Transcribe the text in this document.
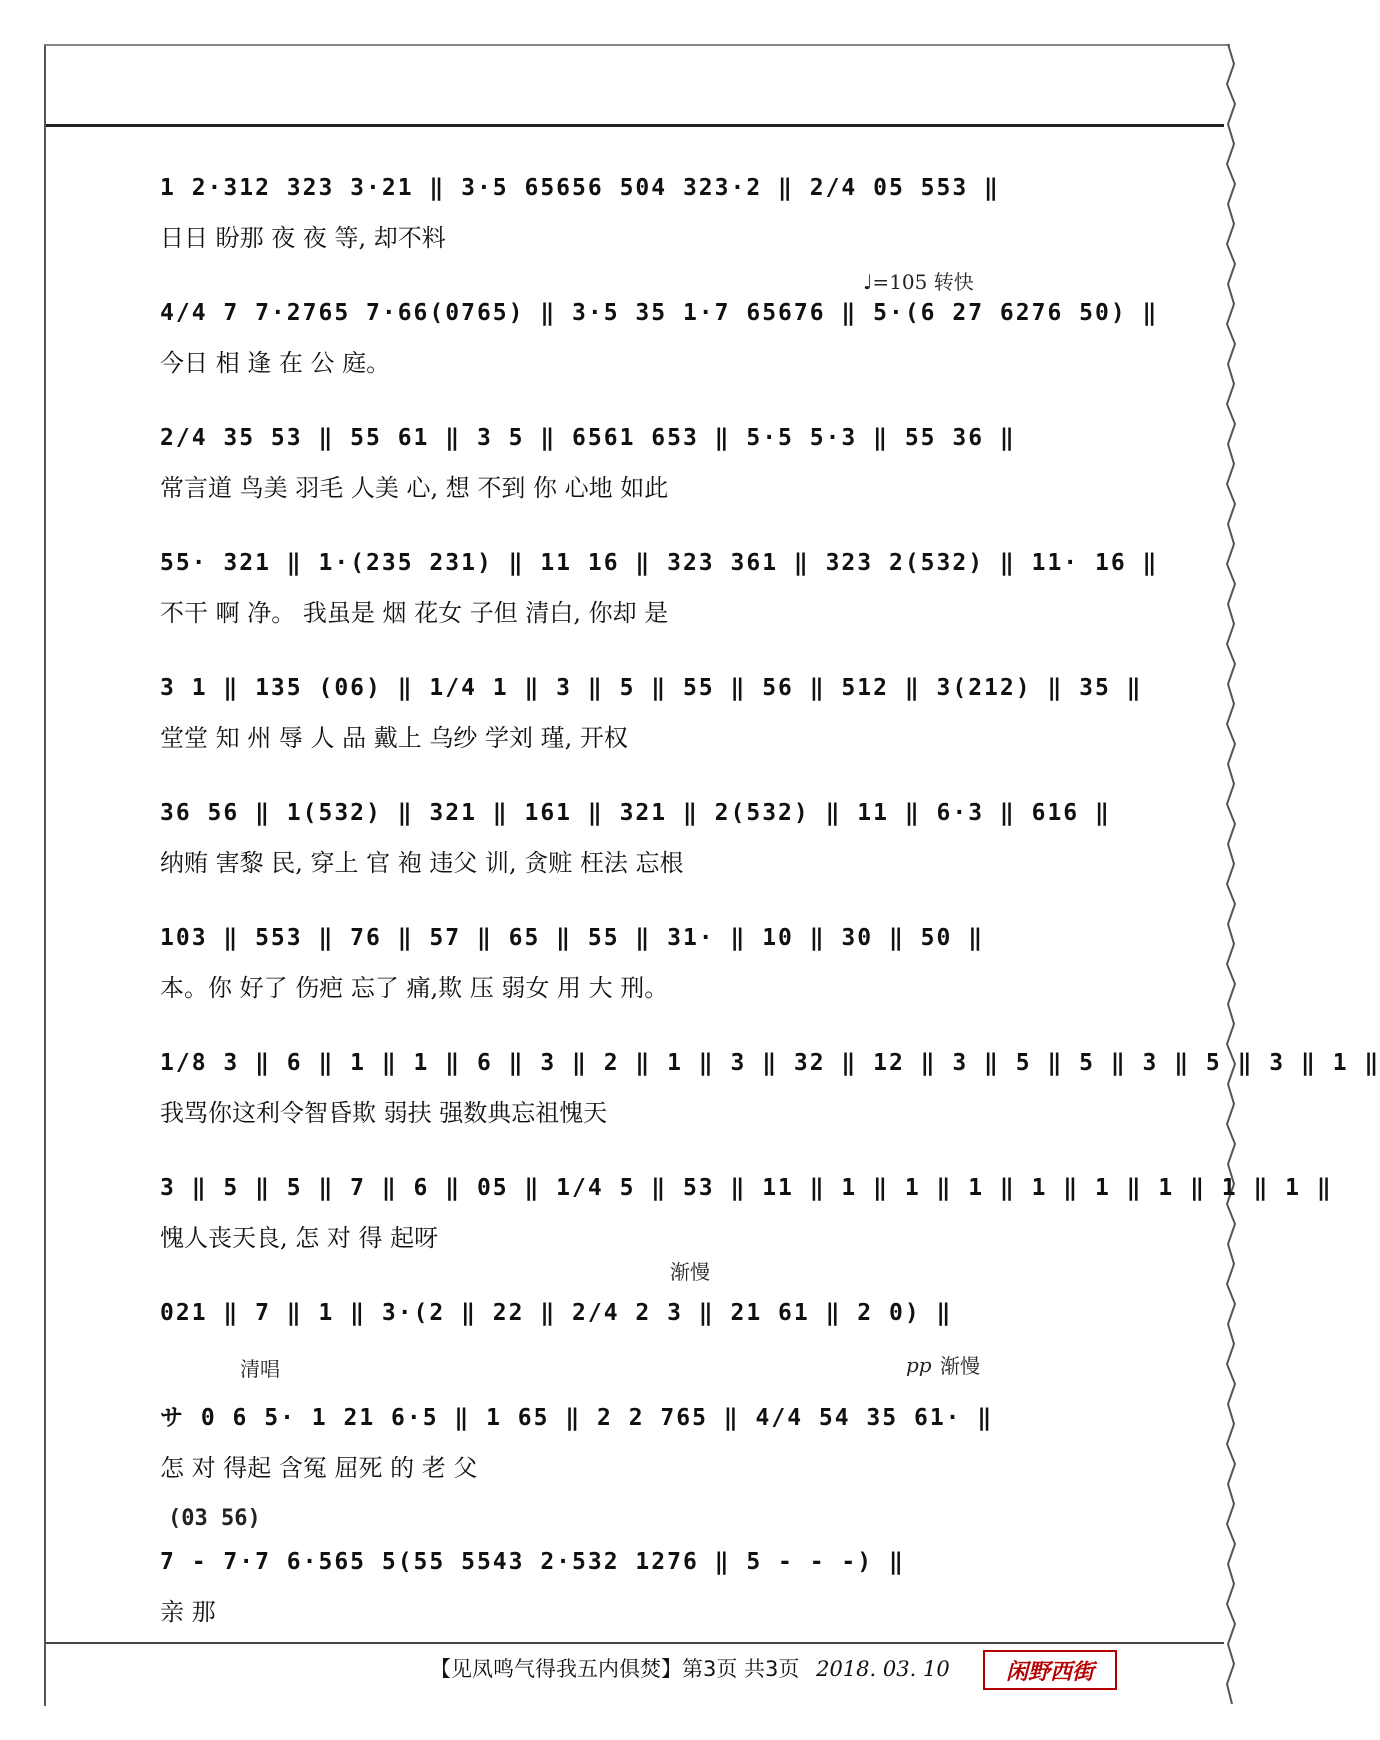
1 2·312 323 3·21 ‖ 3·5 65656 504 323·2 ‖ 2/4 05 553 ‖
日日 盼那 夜 夜 等, 却不料
4/4 7 7·2765 7·66(0765) ‖ 3·5 35 1·7 65676 ‖ 5·(6 27 6276 50) ‖
今日 相 逢 在 公 庭。
2/4 35 53 ‖ 55 61 ‖ 3 5 ‖ 6561 653 ‖ 5·5 5·3 ‖ 55 36 ‖
常言道 鸟美 羽毛 人美 心, 想 不到 你 心地 如此
55· 321 ‖ 1·(235 231) ‖ 11 16 ‖ 323 361 ‖ 323 2(532) ‖ 11· 16 ‖
不干 啊 净。 我虽是 烟 花女 子但 清白, 你却 是
3 1 ‖ 135 (06) ‖ 1/4 1 ‖ 3 ‖ 5 ‖ 55 ‖ 56 ‖ 512 ‖ 3(212) ‖ 35 ‖
堂堂 知 州 辱 人 品 戴上 乌纱 学刘 瑾, 开权
36 56 ‖ 1(532) ‖ 321 ‖ 161 ‖ 321 ‖ 2(532) ‖ 11 ‖ 6·3 ‖ 616 ‖
纳贿 害黎 民, 穿上 官 袍 违父 训, 贪赃 枉法 忘根
103 ‖ 553 ‖ 76 ‖ 57 ‖ 65 ‖ 55 ‖ 31· ‖ 10 ‖ 30 ‖ 50 ‖
本。你 好了 伤疤 忘了 痛,欺 压 弱女 用 大 刑。
1/8 3 ‖ 6 ‖ 1 ‖ 1 ‖ 6 ‖ 3 ‖ 2 ‖ 1 ‖ 3 ‖ 32 ‖ 12 ‖ 3 ‖ 5 ‖ 5 ‖ 3 ‖ 5 ‖ 3 ‖ 1 ‖
我骂你这利令智昏欺 弱扶 强数典忘祖愧天
3 ‖ 5 ‖ 5 ‖ 7 ‖ 6 ‖ 05 ‖ 1/4 5 ‖ 53 ‖ 11 ‖ 1 ‖ 1 ‖ 1 ‖ 1 ‖ 1 ‖ 1 ‖ 1 ‖ 1 ‖
愧人丧天良, 怎 对 得 起呀
021 ‖ 7 ‖ 1 ‖ 3·(2 ‖ 22 ‖ 2/4 2 3 ‖ 21 61 ‖ 2 0) ‖
サ 0 6 5· 1 21 6·5 ‖ 1 65 ‖ 2 2 765 ‖ 4/4 54 35 61· ‖
怎 对 得起 含冤 屈死 的 老 父
7 - 7·7 6·565 5(55 5543 2·532 1276 ‖ 5 - - -) ‖
亲 那
♩=105 转快
渐慢
清唱	pp 渐慢
(03 56)
【见凤鸣气得我五内俱焚】第3页 共3页 2018. 03. 10	闲野西街
